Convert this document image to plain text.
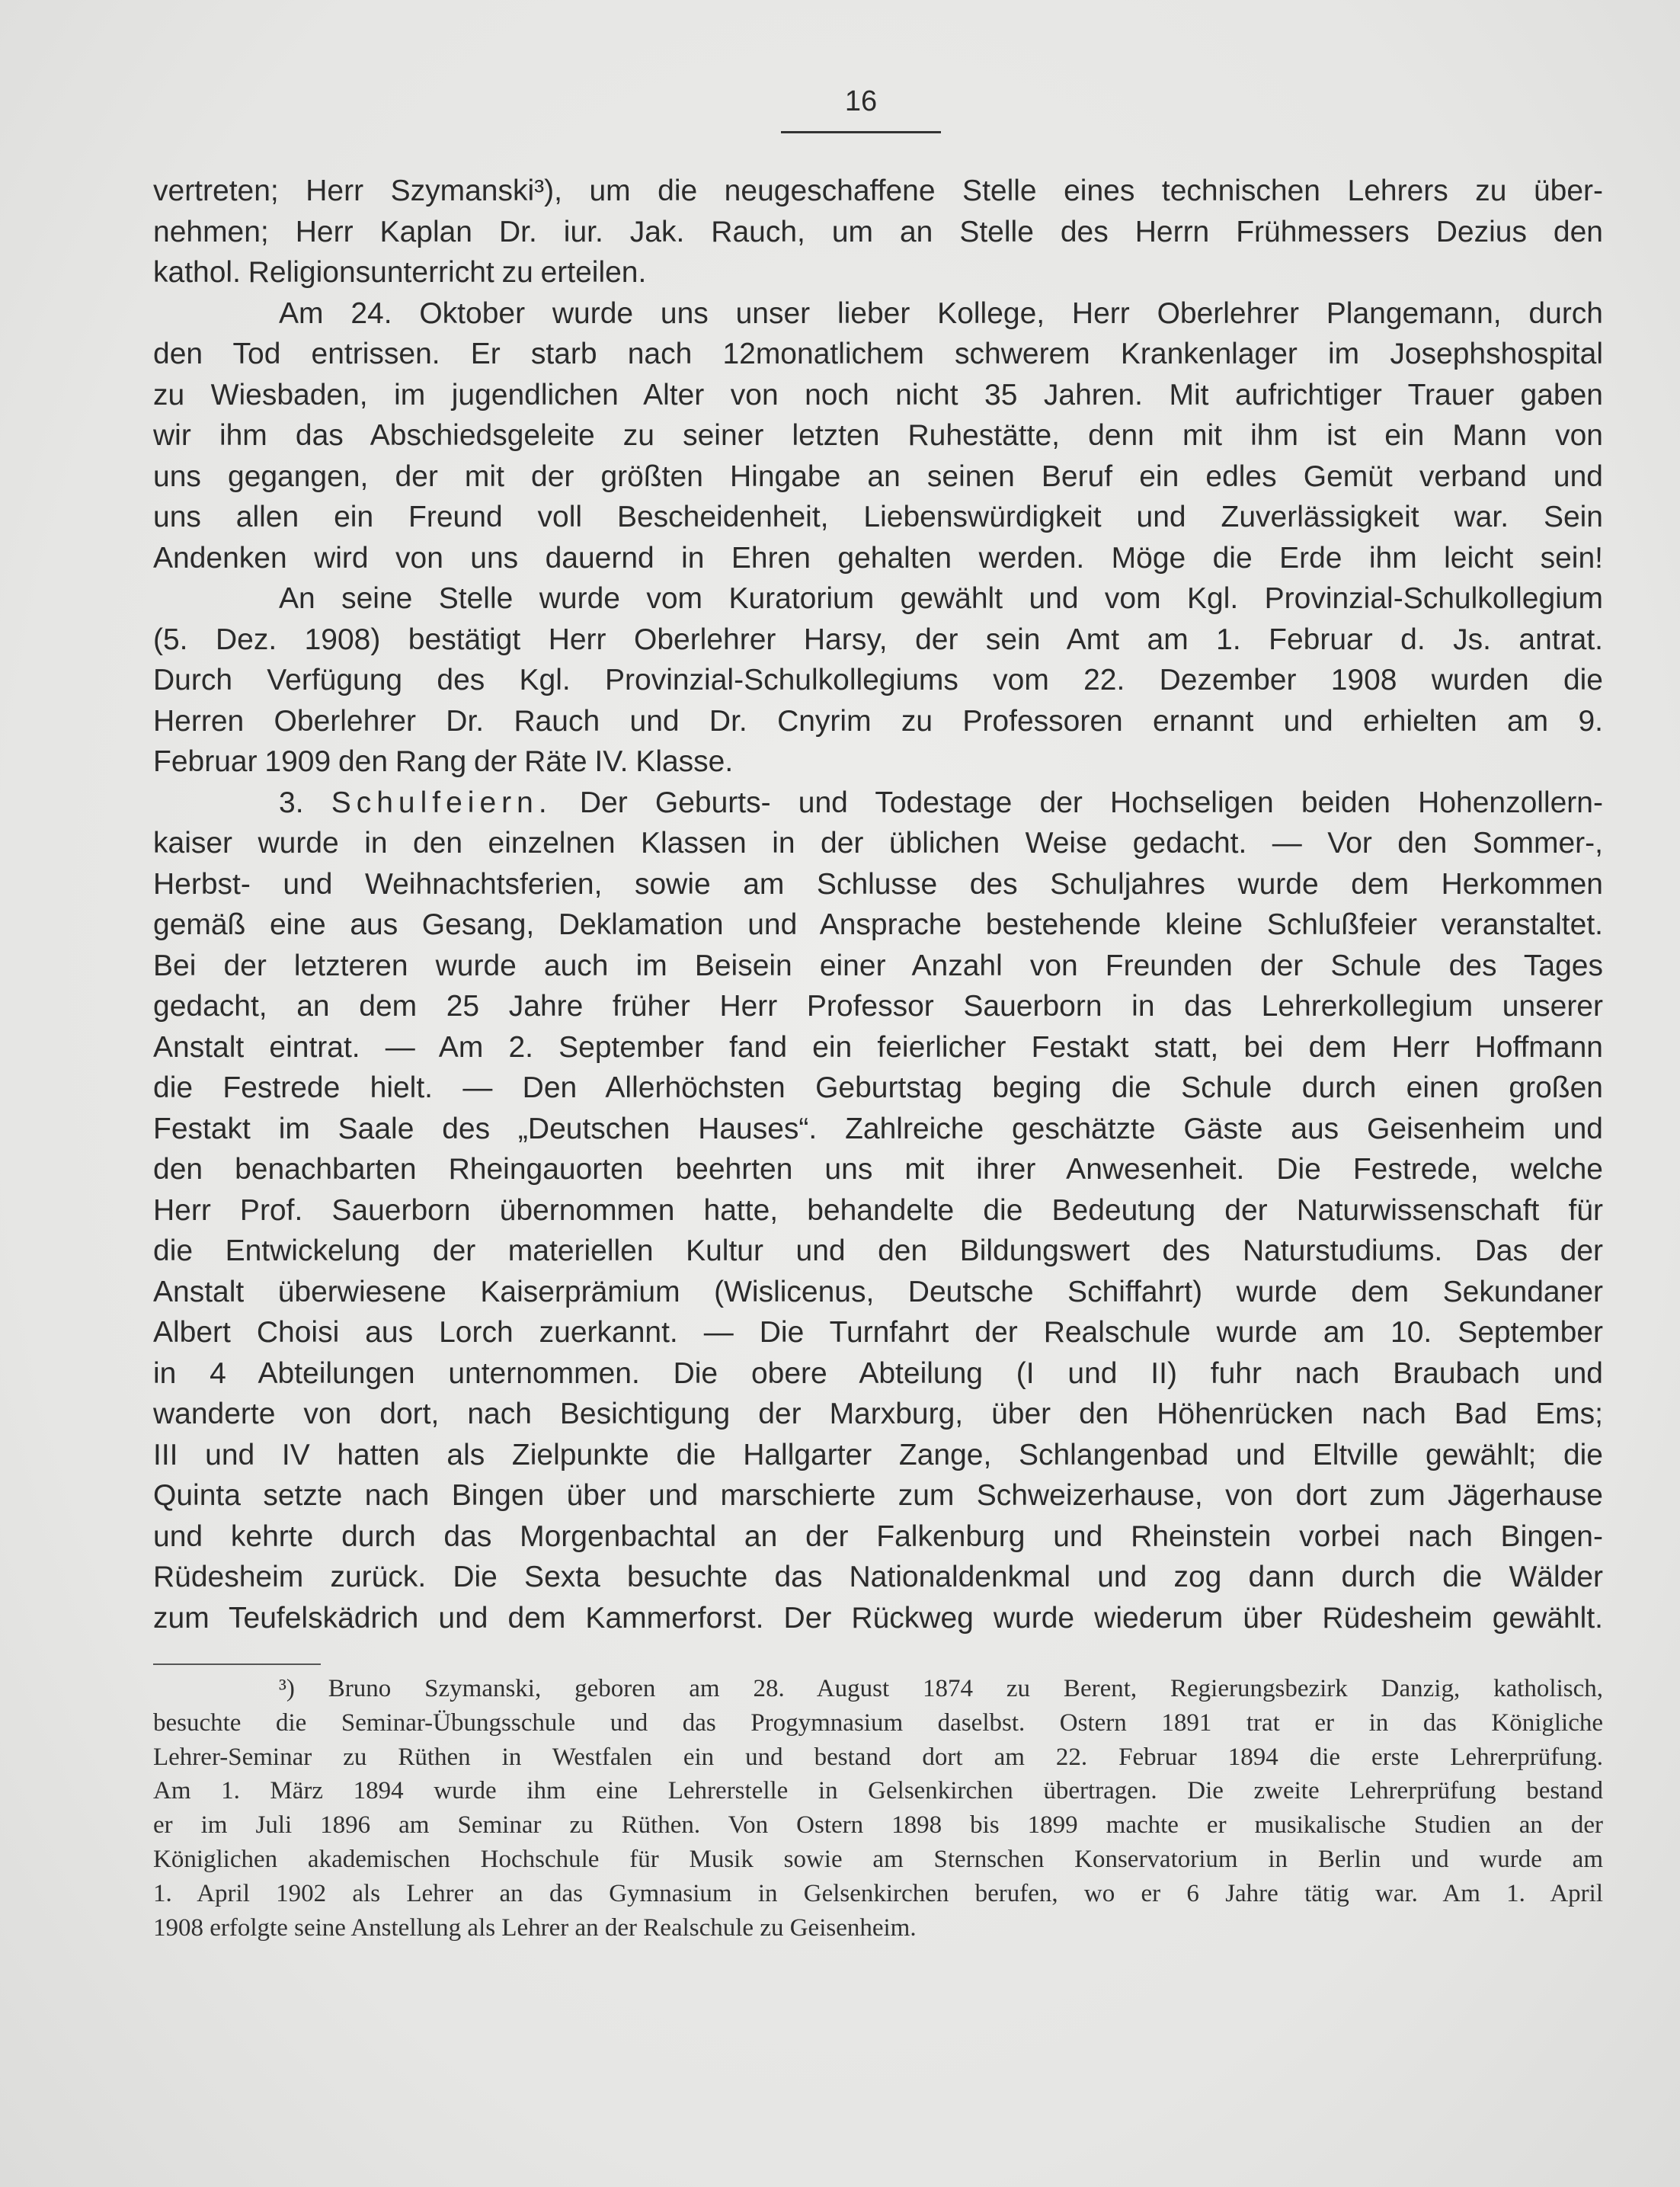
16
vertreten; Herr Szymanski³), um die neugeschaffene Stelle eines technischen Lehrers zu über-
nehmen; Herr Kaplan Dr. iur. Jak. Rauch, um an Stelle des Herrn Frühmessers Dezius den
kathol. Religionsunterricht zu erteilen.
Am 24. Oktober wurde uns unser lieber Kollege, Herr Oberlehrer Plangemann, durch
den Tod entrissen. Er starb nach 12monatlichem schwerem Krankenlager im Josephshospital
zu Wiesbaden, im jugendlichen Alter von noch nicht 35 Jahren. Mit aufrichtiger Trauer gaben
wir ihm das Abschiedsgeleite zu seiner letzten Ruhestätte, denn mit ihm ist ein Mann von
uns gegangen, der mit der größten Hingabe an seinen Beruf ein edles Gemüt verband und
uns allen ein Freund voll Bescheidenheit, Liebenswürdigkeit und Zuverlässigkeit war. Sein
Andenken wird von uns dauernd in Ehren gehalten werden. Möge die Erde ihm leicht sein!
An seine Stelle wurde vom Kuratorium gewählt und vom Kgl. Provinzial-Schulkollegium
(5. Dez. 1908) bestätigt Herr Oberlehrer Harsy, der sein Amt am 1. Februar d. Js. antrat.
Durch Verfügung des Kgl. Provinzial-Schulkollegiums vom 22. Dezember 1908 wurden die
Herren Oberlehrer Dr. Rauch und Dr. Cnyrim zu Professoren ernannt und erhielten am 9.
Februar 1909 den Rang der Räte IV. Klasse.
3. Schulfeiern. Der Geburts- und Todestage der Hochseligen beiden Hohenzollern-
kaiser wurde in den einzelnen Klassen in der üblichen Weise gedacht. — Vor den Sommer-,
Herbst- und Weihnachtsferien, sowie am Schlusse des Schuljahres wurde dem Herkommen
gemäß eine aus Gesang, Deklamation und Ansprache bestehende kleine Schlußfeier veranstaltet.
Bei der letzteren wurde auch im Beisein einer Anzahl von Freunden der Schule des Tages
gedacht, an dem 25 Jahre früher Herr Professor Sauerborn in das Lehrerkollegium unserer
Anstalt eintrat. — Am 2. September fand ein feierlicher Festakt statt, bei dem Herr Hoffmann
die Festrede hielt. — Den Allerhöchsten Geburtstag beging die Schule durch einen großen
Festakt im Saale des „Deutschen Hauses“. Zahlreiche geschätzte Gäste aus Geisenheim und
den benachbarten Rheingauorten beehrten uns mit ihrer Anwesenheit. Die Festrede, welche
Herr Prof. Sauerborn übernommen hatte, behandelte die Bedeutung der Naturwissenschaft für
die Entwickelung der materiellen Kultur und den Bildungswert des Naturstudiums. Das der
Anstalt überwiesene Kaiserprämium (Wislicenus, Deutsche Schiffahrt) wurde dem Sekundaner
Albert Choisi aus Lorch zuerkannt. — Die Turnfahrt der Realschule wurde am 10. September
in 4 Abteilungen unternommen. Die obere Abteilung (I und II) fuhr nach Braubach und
wanderte von dort, nach Besichtigung der Marxburg, über den Höhenrücken nach Bad Ems;
III und IV hatten als Zielpunkte die Hallgarter Zange, Schlangenbad und Eltville gewählt; die
Quinta setzte nach Bingen über und marschierte zum Schweizerhause, von dort zum Jägerhause
und kehrte durch das Morgenbachtal an der Falkenburg und Rheinstein vorbei nach Bingen-
Rüdesheim zurück. Die Sexta besuchte das Nationaldenkmal und zog dann durch die Wälder
zum Teufelskädrich und dem Kammerforst. Der Rückweg wurde wiederum über Rüdesheim gewählt.
³) Bruno Szymanski, geboren am 28. August 1874 zu Berent, Regierungsbezirk Danzig, katholisch,
besuchte die Seminar-Übungsschule und das Progymnasium daselbst. Ostern 1891 trat er in das Königliche
Lehrer-Seminar zu Rüthen in Westfalen ein und bestand dort am 22. Februar 1894 die erste Lehrerprüfung.
Am 1. März 1894 wurde ihm eine Lehrerstelle in Gelsenkirchen übertragen. Die zweite Lehrerprüfung bestand
er im Juli 1896 am Seminar zu Rüthen. Von Ostern 1898 bis 1899 machte er musikalische Studien an der
Königlichen akademischen Hochschule für Musik sowie am Sternschen Konservatorium in Berlin und wurde am
1. April 1902 als Lehrer an das Gymnasium in Gelsenkirchen berufen, wo er 6 Jahre tätig war. Am 1. April
1908 erfolgte seine Anstellung als Lehrer an der Realschule zu Geisenheim.
